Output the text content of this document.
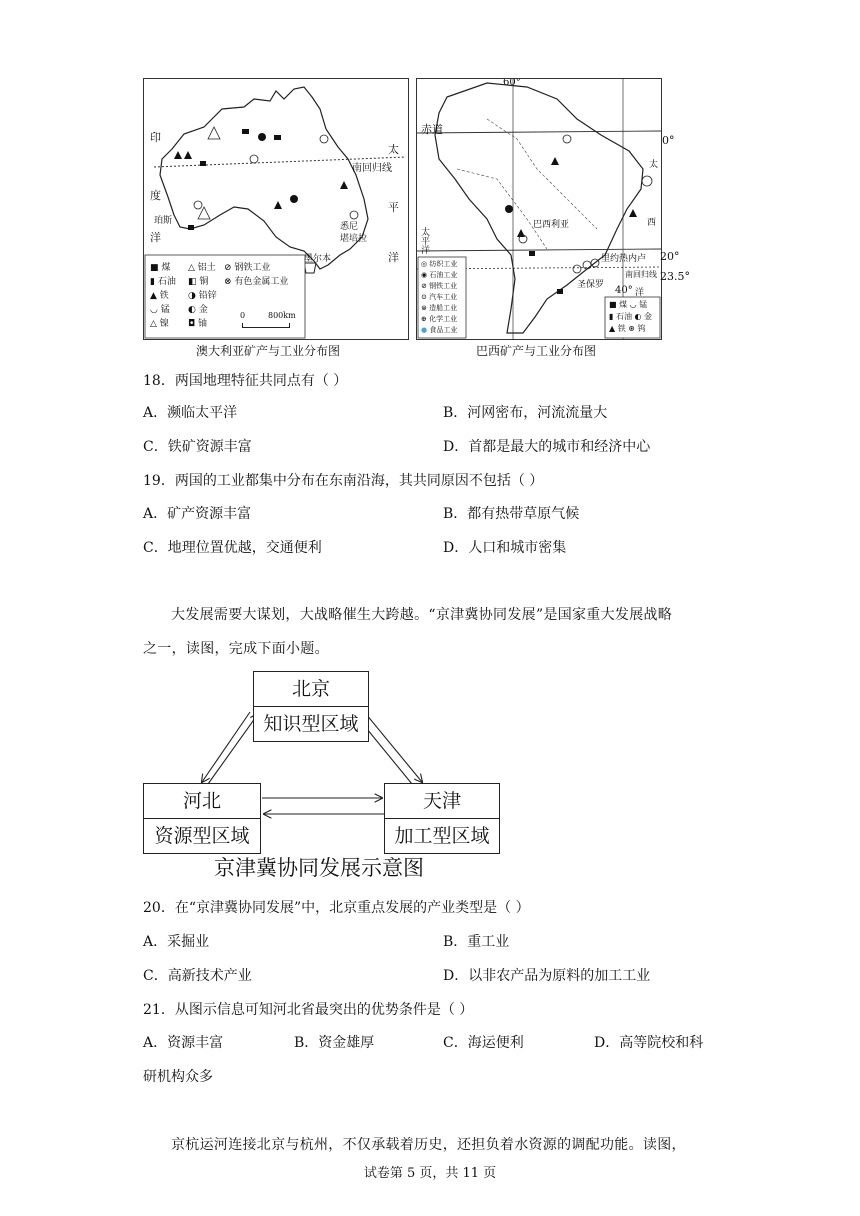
印
度
洋
太
平
洋
南回归线
珀斯
悉尼
堪培拉
墨尔本
■ 煤
▮ 石油
▲ 铁
◡ 锰
△ 镍
△ 铝土
◧ 铜
◑ 铅锌
◐ 金
◘ 铀
⊘ 钢铁工业
⊗ 有色金属工业
0	800km
澳大利亚矿产与工业分布图
60°
赤道
太
西
洋
太平洋
巴西利亚
里约热内卢
圣保罗
南回归线
40°
◎ 纺织工业
◉ 石油工业
⊘ 钢铁工业
⊙ 汽车工业
⊜ 造船工业
⊕ 化学工业
● 食品工业
■ 煤 ◡ 锰
▮ 石油 ◐ 金
▲ 铁 ⊛ 钨
0°
20°
23.5°
巴西矿产与工业分布图
18．两国地理特征共同点有（ ）
A．濒临太平洋	B．河网密布，河流流量大
C．铁矿资源丰富	D．首都是最大的城市和经济中心
19．两国的工业都集中分布在东南沿海，其共同原因不包括（ ）
A．矿产资源丰富	B．都有热带草原气候
C．地理位置优越，交通便利	D．人口和城市密集
大发展需要大谋划，大战略催生大跨越。“京津冀协同发展”是国家重大发展战略
之一，读图，完成下面小题。
北京
知识型区域
河北
资源型区域
天津
加工型区域
京津冀协同发展示意图
20．在“京津冀协同发展”中，北京重点发展的产业类型是（ ）
A．采掘业	B．重工业
C．高新技术产业	D．以非农产品为原料的加工工业
21．从图示信息可知河北省最突出的优势条件是（ ）
A．资源丰富	B．资金雄厚	C．海运便利	D．高等院校和科
研机构众多
京杭运河连接北京与杭州，不仅承载着历史，还担负着水资源的调配功能。读图，
试卷第 5 页，共 11 页
